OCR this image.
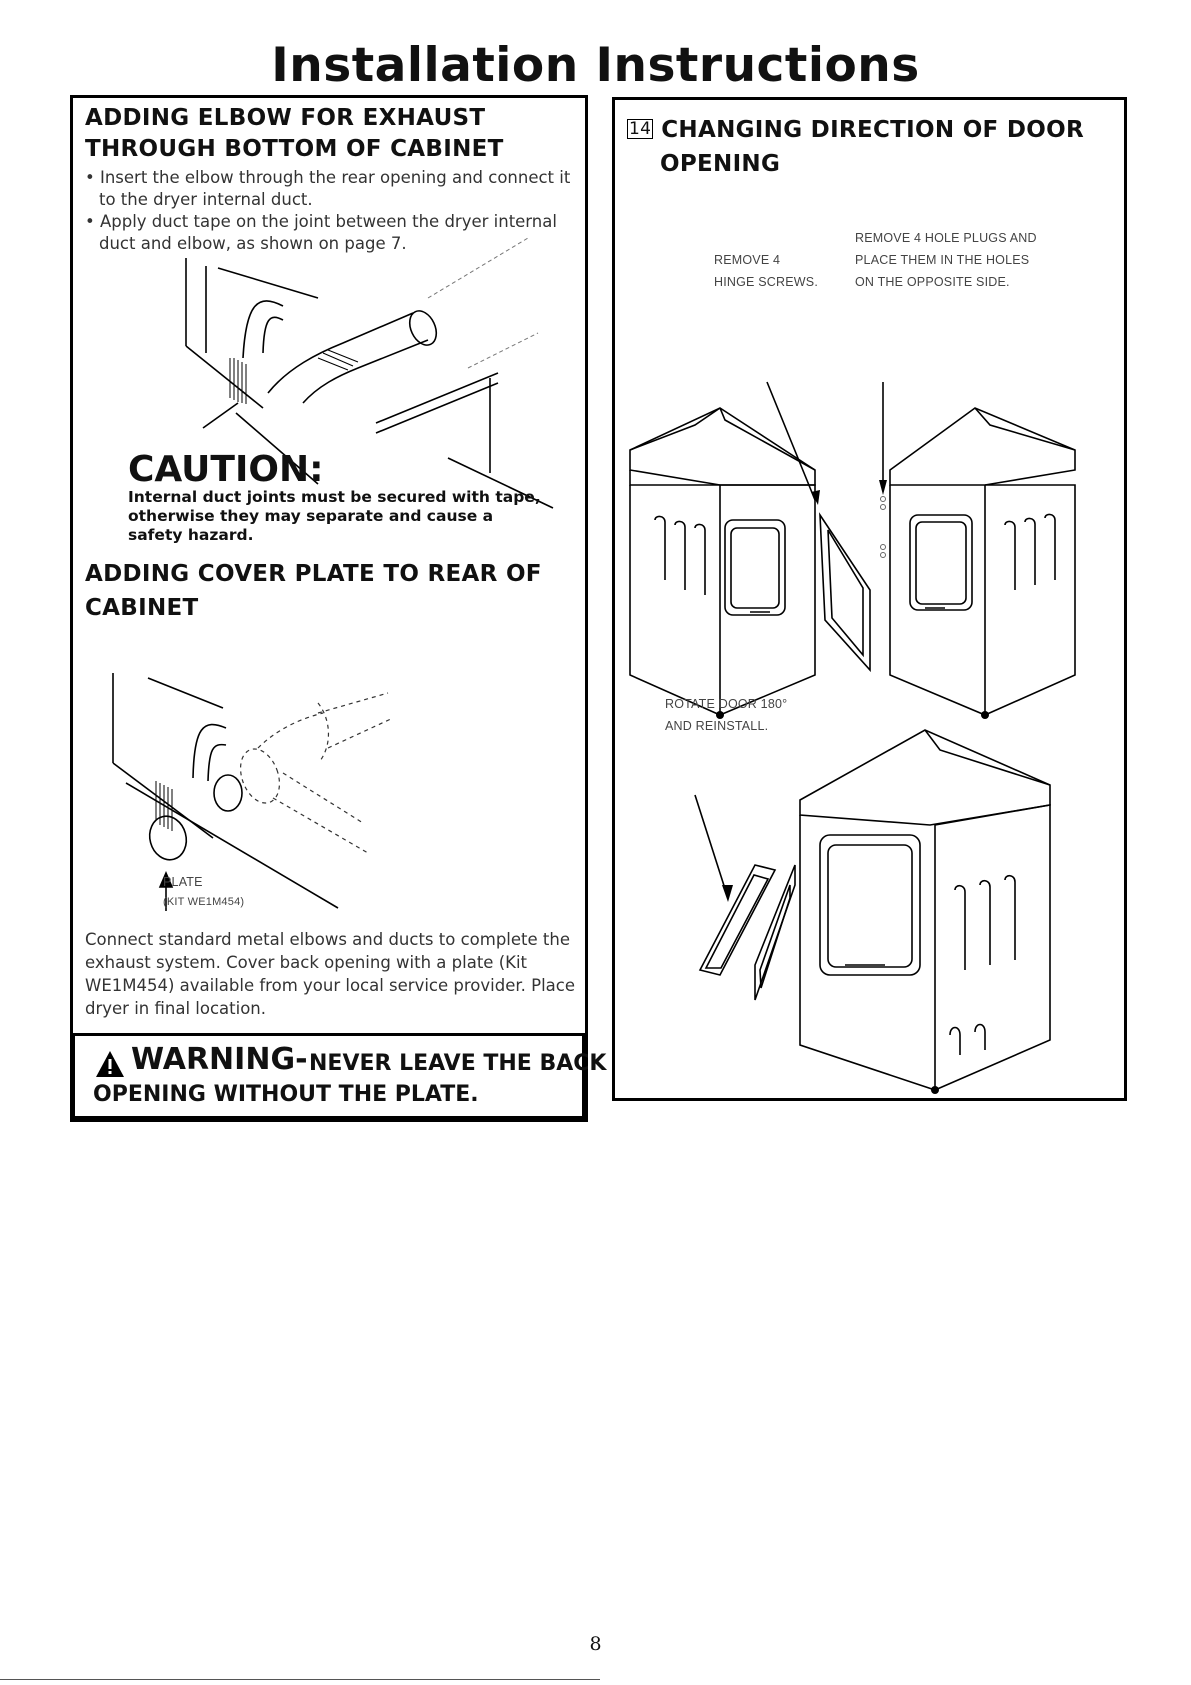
Installation Instructions
ADDING ELBOW FOR EXHAUST
THROUGH BOTTOM OF CABINET
• Insert the elbow through the rear opening and connect it to the dryer internal duct.
• Apply duct tape on the joint between the dryer internal duct and elbow, as shown on page 7.

CAUTION:

Internal duct joints must be secured with tape, otherwise they may separate and cause a safety hazard.

ADDING COVER PLATE TO REAR OF
CABINET

PLATE

(KIT WE1M454)

Connect standard metal elbows and ducts to complete the exhaust system. Cover back opening with a plate (Kit WE1M454) available from your local service provider. Place dryer in final location.

WARNING- NEVER LEAVE THE BACK

OPENING WITHOUT THE PLATE.

14 CHANGING DIRECTION OF DOOR
OPENING

REMOVE 4

HINGE SCREWS.

REMOVE 4 HOLE PLUGS AND

PLACE THEM IN THE HOLES

ON THE OPPOSITE SIDE.

ROTATE DOOR 180°

AND REINSTALL.

8
